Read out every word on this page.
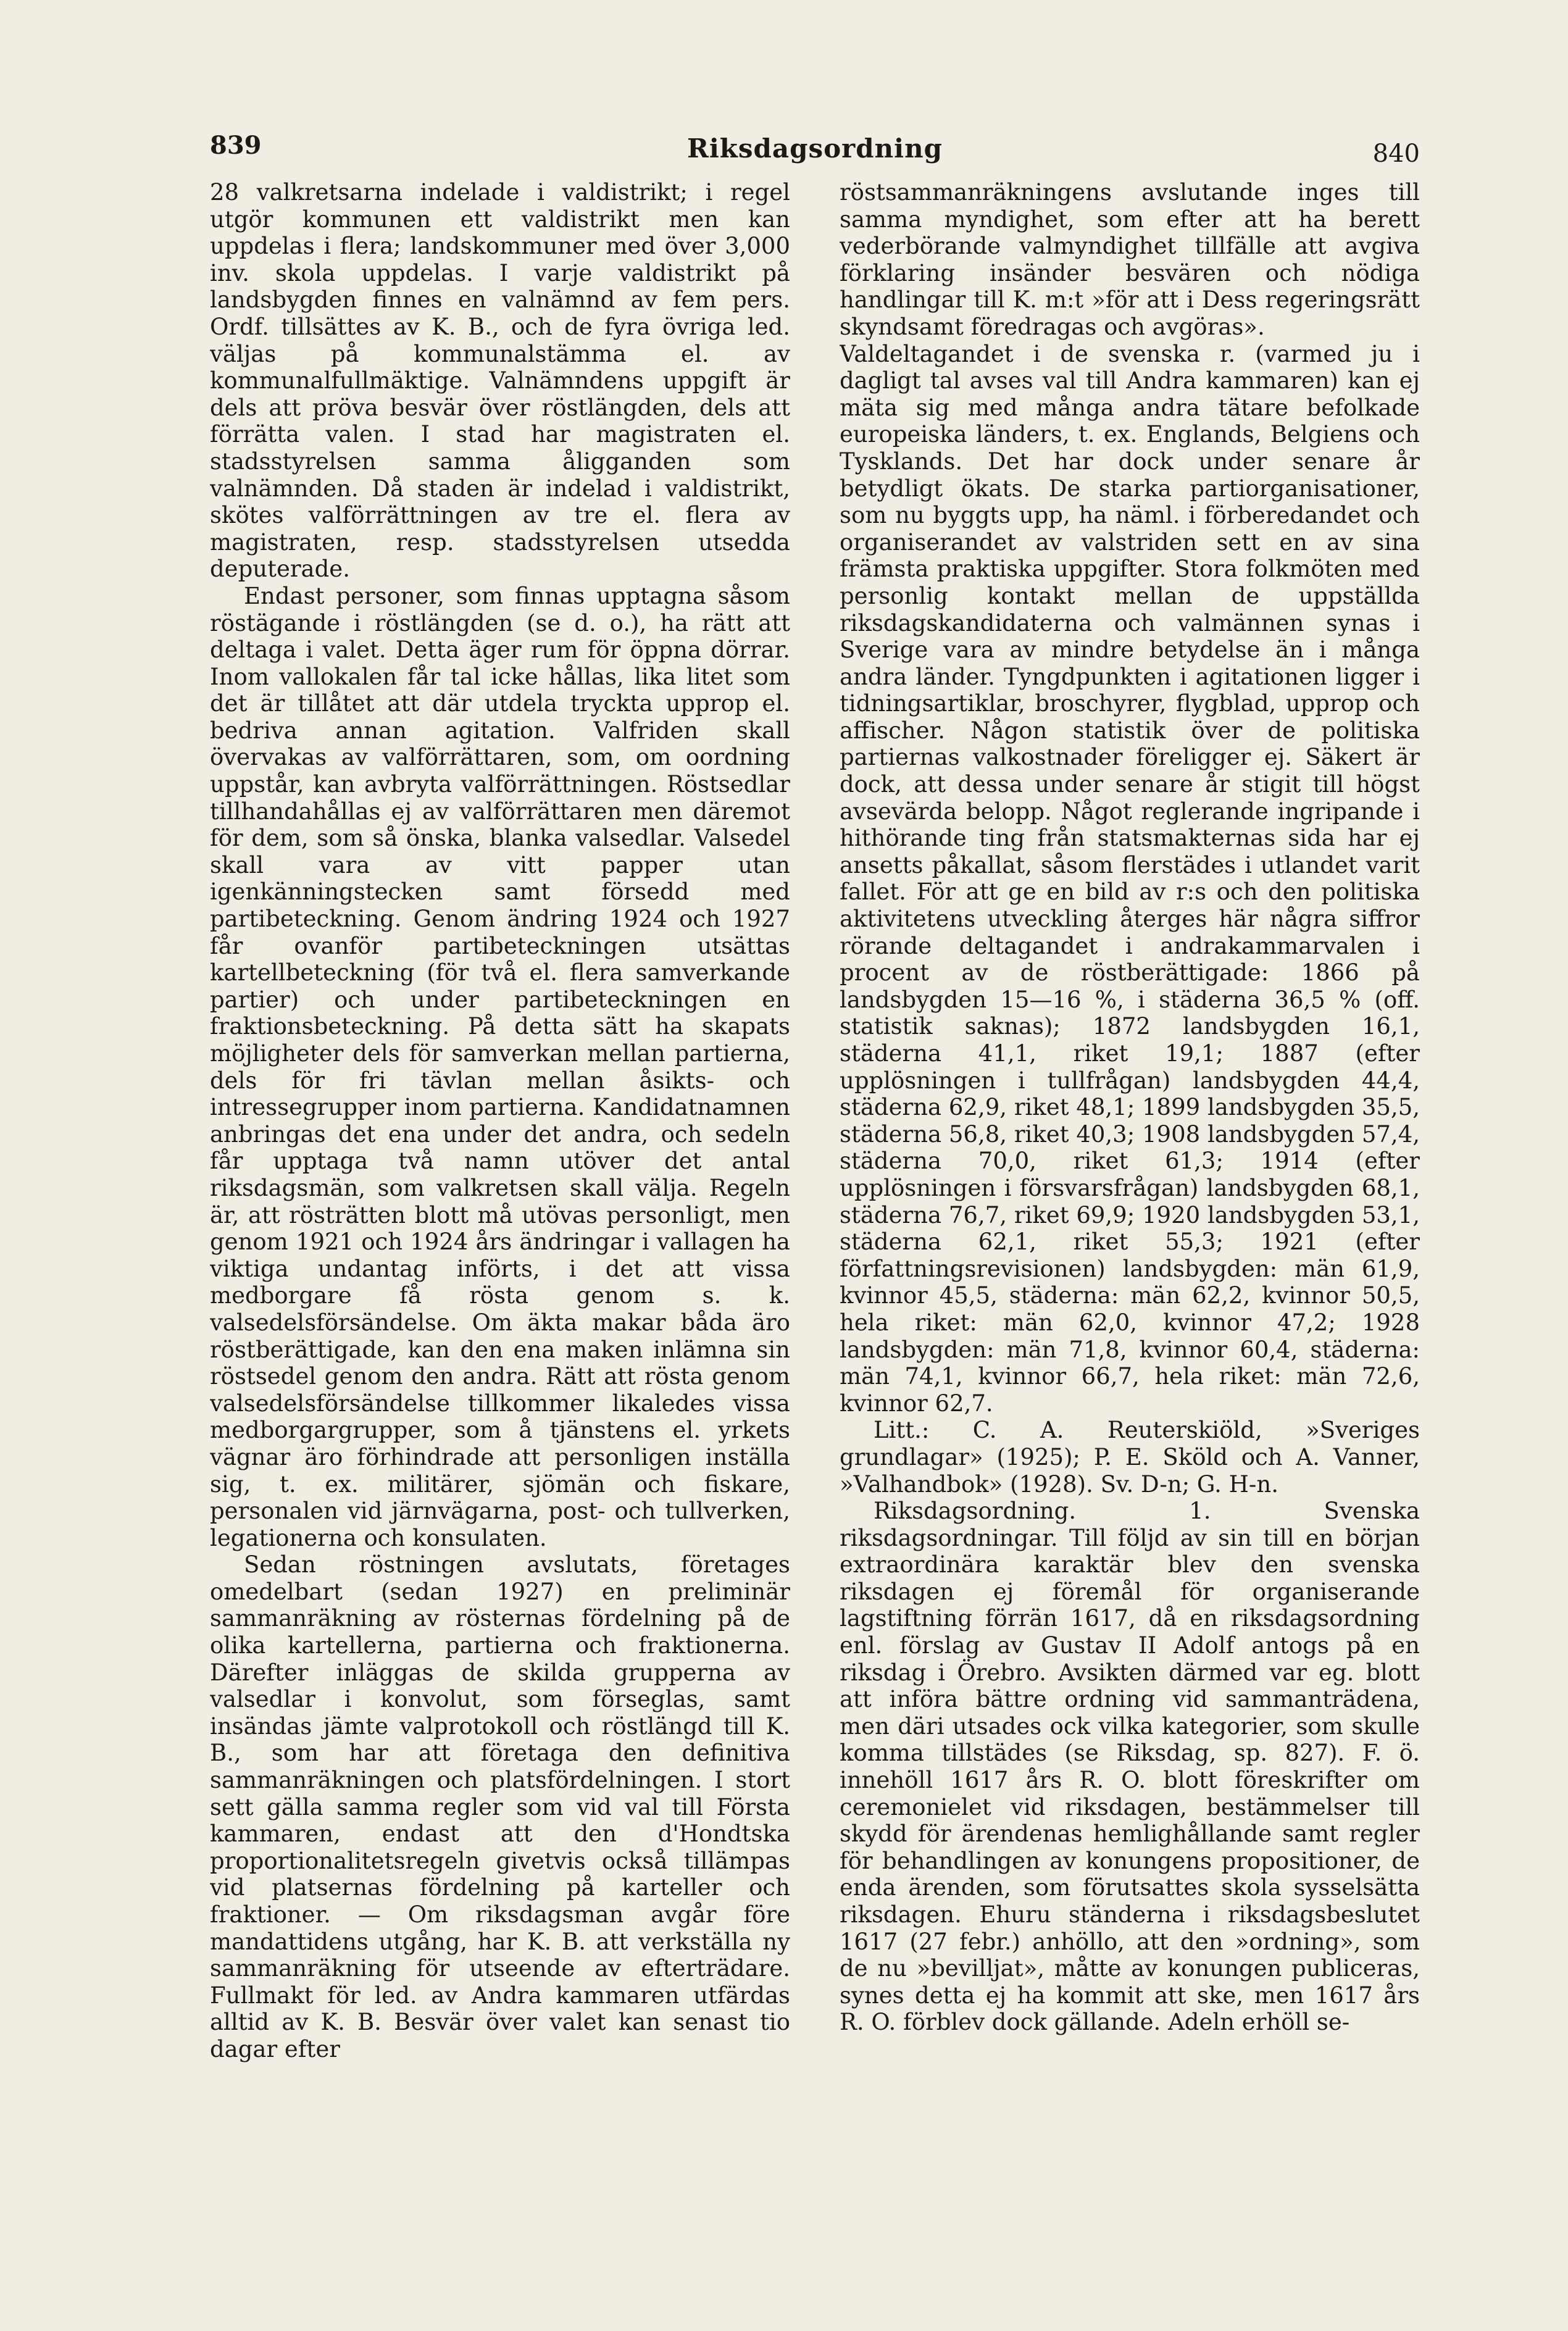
839	Riksdagsordning	840

28 valkretsarna indelade i valdistrikt; i regel utgör kommunen ett valdistrikt men kan uppdelas i flera; landskommuner med över 3,000 inv. skola uppdelas. I varje valdistrikt på landsbygden finnes en valnämnd av fem pers. Ordf. tillsättes av K. B., och de fyra övriga led. väljas på kommunalstämma el. av kommunalfullmäktige. Valnämndens uppgift är dels att pröva besvär över röstlängden, dels att förrätta valen. I stad har magistraten el. stadsstyrelsen samma åligganden som valnämnden. Då staden är indelad i valdistrikt, skötes valförrättningen av tre el. flera av magistraten, resp. stadsstyrelsen utsedda deputerade.

Endast personer, som finnas upptagna såsom röstägande i röstlängden (se d. o.), ha rätt att deltaga i valet. Detta äger rum för öppna dörrar. Inom vallokalen får tal icke hållas, lika litet som det är tillåtet att där utdela tryckta upprop el. bedriva annan agitation. Valfriden skall övervakas av valförrättaren, som, om oordning uppstår, kan avbryta valförrättningen. Röstsedlar tillhandahållas ej av valförrättaren men däremot för dem, som så önska, blanka valsedlar. Valsedel skall vara av vitt papper utan igenkänningstecken samt försedd med partibeteckning. Genom ändring 1924 och 1927 får ovanför partibeteckningen utsättas kartellbeteckning (för två el. flera samverkande partier) och under partibeteckningen en fraktionsbeteckning. På detta sätt ha skapats möjligheter dels för samverkan mellan partierna, dels för fri tävlan mellan åsikts- och intressegrupper inom partierna. Kandidatnamnen anbringas det ena under det andra, och sedeln får upptaga två namn utöver det antal riksdagsmän, som valkretsen skall välja. Regeln är, att rösträtten blott må utövas personligt, men genom 1921 och 1924 års ändringar i vallagen ha viktiga undantag införts, i det att vissa medborgare få rösta genom s. k. valsedelsförsändelse. Om äkta makar båda äro röstberättigade, kan den ena maken inlämna sin röstsedel genom den andra. Rätt att rösta genom valsedelsförsändelse tillkommer likaledes vissa medborgargrupper, som å tjänstens el. yrkets vägnar äro förhindrade att personligen inställa sig, t. ex. militärer, sjömän och fiskare, personalen vid järnvägarna, post- och tullverken, legationerna och konsulaten.

Sedan röstningen avslutats, företages omedelbart (sedan 1927) en preliminär sammanräkning av rösternas fördelning på de olika kartellerna, partierna och fraktionerna. Därefter inläggas de skilda grupperna av valsedlar i konvolut, som förseglas, samt insändas jämte valprotokoll och röstlängd till K. B., som har att företaga den definitiva sammanräkningen och platsfördelningen. I stort sett gälla samma regler som vid val till Första kammaren, endast att den d'Hondtska proportionalitetsregeln givetvis också tillämpas vid platsernas fördelning på karteller och fraktioner. — Om riksdagsman avgår före mandattidens utgång, har K. B. att verkställa ny sammanräkning för utseende av efterträdare. Fullmakt för led. av Andra kammaren utfärdas alltid av K. B. Besvär över valet kan senast tio dagar efter

röstsammanräkningens avslutande inges till samma myndighet, som efter att ha berett vederbörande valmyndighet tillfälle att avgiva förklaring insänder besvären och nödiga handlingar till K. m:t »för att i Dess regeringsrätt skyndsamt föredragas och avgöras».

Valdeltagandet i de svenska r. (varmed ju i dagligt tal avses val till Andra kammaren) kan ej mäta sig med många andra tätare befolkade europeiska länders, t. ex. Englands, Belgiens och Tysklands. Det har dock under senare år betydligt ökats. De starka partiorganisationer, som nu byggts upp, ha näml. i förberedandet och organiserandet av valstriden sett en av sina främsta praktiska uppgifter. Stora folkmöten med personlig kontakt mellan de uppställda riksdagskandidaterna och valmännen synas i Sverige vara av mindre betydelse än i många andra länder. Tyngdpunkten i agitationen ligger i tidningsartiklar, broschyrer, flygblad, upprop och affischer. Någon statistik över de politiska partiernas valkostnader föreligger ej. Säkert är dock, att dessa under senare år stigit till högst avsevärda belopp. Något reglerande ingripande i hithörande ting från statsmakternas sida har ej ansetts påkallat, såsom flerstädes i utlandet varit fallet. För att ge en bild av r:s och den politiska aktivitetens utveckling återges här några siffror rörande deltagandet i andrakammarvalen i procent av de röstberättigade: 1866 på landsbygden 15—16 %, i städerna 36,5 % (off. statistik saknas); 1872 landsbygden 16,1, städerna 41,1, riket 19,1; 1887 (efter upplösningen i tullfrågan) landsbygden 44,4, städerna 62,9, riket 48,1; 1899 landsbygden 35,5, städerna 56,8, riket 40,3; 1908 landsbygden 57,4, städerna 70,0, riket 61,3; 1914 (efter upplösningen i försvarsfrågan) landsbygden 68,1, städerna 76,7, riket 69,9; 1920 landsbygden 53,1, städerna 62,1, riket 55,3; 1921 (efter författningsrevisionen) landsbygden: män 61,9, kvinnor 45,5, städerna: män 62,2, kvinnor 50,5, hela riket: män 62,0, kvinnor 47,2; 1928 landsbygden: män 71,8, kvinnor 60,4, städerna: män 74,1, kvinnor 66,7, hela riket: män 72,6, kvinnor 62,7.

Litt.: C. A. Reuterskiöld, »Sveriges grundlagar» (1925); P. E. Sköld och A. Vanner, »Valhandbok» (1928). Sv. D-n; G. H-n.

Riksdagsordning. 1. Svenska riksdagsordningar. Till följd av sin till en början extraordinära karaktär blev den svenska riksdagen ej föremål för organiserande lagstiftning förrän 1617, då en riksdagsordning enl. förslag av Gustav II Adolf antogs på en riksdag i Örebro. Avsikten därmed var eg. blott att införa bättre ordning vid sammanträdena, men däri utsades ock vilka kategorier, som skulle komma tillstädes (se Riksdag, sp. 827). F. ö. innehöll 1617 års R. O. blott föreskrifter om ceremonielet vid riksdagen, bestämmelser till skydd för ärendenas hemlighållande samt regler för behandlingen av konungens propositioner, de enda ärenden, som förutsattes skola sysselsätta riksdagen. Ehuru ständerna i riksdagsbeslutet 1617 (27 febr.) anhöllo, att den »ordning», som de nu »bevilljat», måtte av konungen publiceras, synes detta ej ha kommit att ske, men 1617 års R. O. förblev dock gällande. Adeln erhöll se-
